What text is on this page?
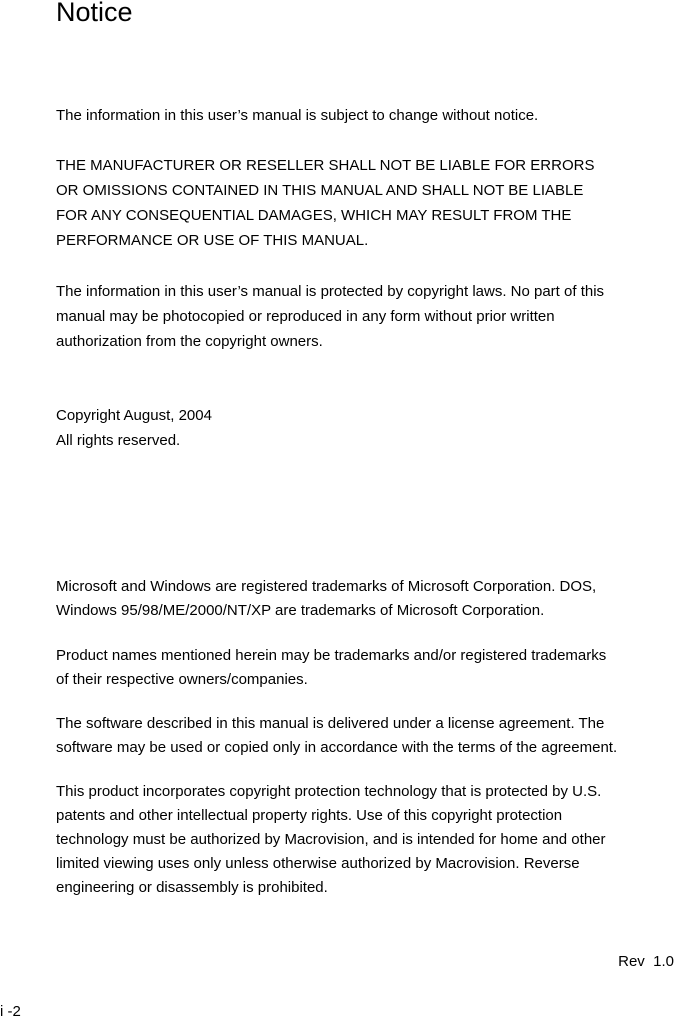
Notice

The information in this user’s manual is subject to change without notice.

THE MANUFACTURER OR RESELLER SHALL NOT BE LIABLE FOR ERRORS
OR OMISSIONS CONTAINED IN THIS MANUAL AND SHALL NOT BE LIABLE
FOR ANY CONSEQUENTIAL DAMAGES, WHICH MAY RESULT FROM THE
PERFORMANCE OR USE OF THIS MANUAL.
The information in this user’s manual is protected by copyright laws. No part of this
manual may be photocopied or reproduced in any form without prior written
authorization from the copyright owners.
Copyright August, 2004
All rights reserved.
Microsoft and Windows are registered trademarks of Microsoft Corporation. DOS,
Windows 95/98/ME/2000/NT/XP are trademarks of Microsoft Corporation.
Product names mentioned herein may be trademarks and/or registered trademarks
of their respective owners/companies.
The software described in this manual is delivered under a license agreement. The
software may be used or copied only in accordance with the terms of the agreement.
This product incorporates copyright protection technology that is protected by U.S.
patents and other intellectual property rights. Use of this copyright protection
technology must be authorized by Macrovision, and is intended for home and other
limited viewing uses only unless otherwise authorized by Macrovision. Reverse
engineering or disassembly is prohibited.
Rev  1.0
i -2
